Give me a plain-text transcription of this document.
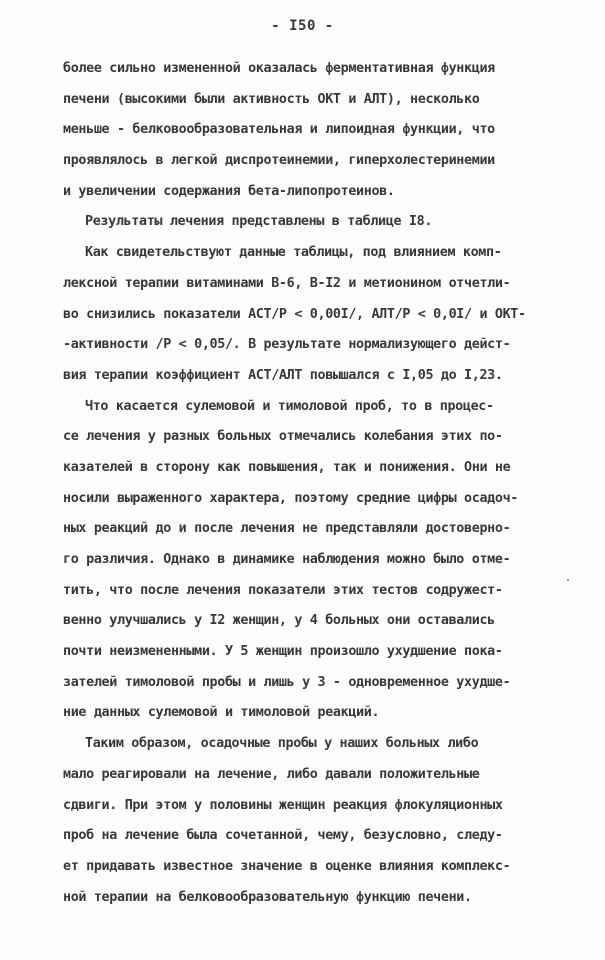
- I50 -
более сильно измененной оказалась ферментативная функция
печени (высокими были активность ОКТ и АЛТ), несколько
меньше - белковообразовательная и липоидная функции, что
проявлялось в легкой диспротеинемии, гиперхолестеринемии
и увеличении содержания бета-липопротеинов.
Результаты лечения представлены в таблице I8.
Как свидетельствуют данные таблицы, под влиянием комп-
лексной терапии витаминами В-6, В-I2 и метионином отчетли-
во снизились показатели АСТ/Р < 0,00I/, АЛТ/Р < 0,0I/ и ОКТ-
-активности /Р < 0,05/. В результате нормализующего дейст-
вия терапии коэффициент АСТ/АЛТ повышался с I,05 до I,23.
Что касается сулемовой и тимоловой проб, то в процес-
се лечения у разных больных отмечались колебания этих по-
казателей в сторону как повышения, так и понижения. Они не
носили выраженного характера, поэтому средние цифры осадоч-
ных реакций до и после лечения не представляли достоверно-
го различия. Однако в динамике наблюдения можно было отме-
тить, что после лечения показатели этих тестов содружест-
венно улучшались у I2 женщин, у 4 больных они оставались
почти неизмененными. У 5 женщин произошло ухудшение пока-
зателей тимоловой пробы и лишь у 3 - одновременное ухудше-
ние данных сулемовой и тимоловой реакций.
Таким образом, осадочные пробы у наших больных либо
мало реагировали на лечение, либо давали положительные
сдвиги. При этом у половины женщин реакция флокуляционных
проб на лечение была сочетанной, чему, безусловно, следу-
ет придавать известное значение в оценке влияния комплекс-
ной терапии на белковообразовательную функцию печени.
